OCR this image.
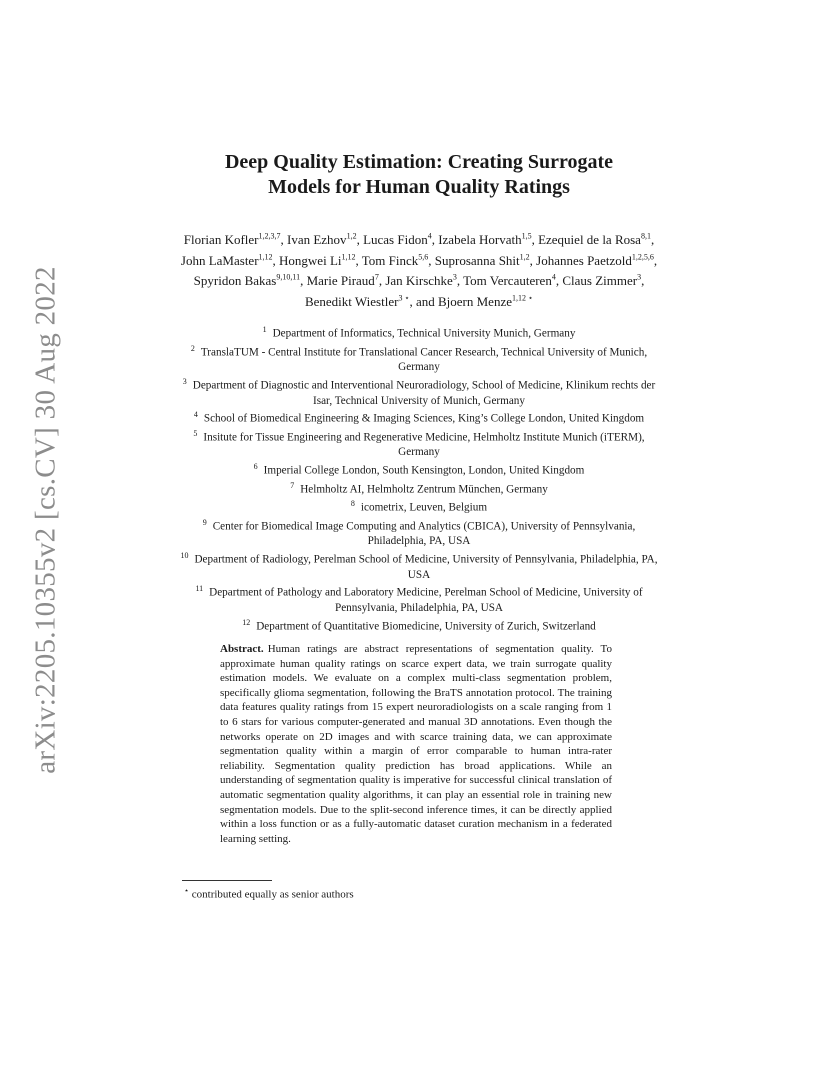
arXiv:2205.10355v2 [cs.CV] 30 Aug 2022
Deep Quality Estimation: Creating Surrogate
Models for Human Quality Ratings
Florian Kofler$^{1,2,3,7}$, Ivan Ezhov$^{1,2}$, Lucas Fidon$^4$, Izabela Horvath$^{1,5}$, Ezequiel de la Rosa$^{8,1}$, John LaMaster$^{1,12}$, Hongwei Li$^{1,12}$, Tom Finck$^{5,6}$, Suprosanna Shit$^{1,2}$, Johannes Paetzold$^{1,2,5,6}$, Spyridon Bakas$^{9,10,11}$, Marie Piraud$^7$, Jan Kirschke$^3$, Tom Vercauteren$^4$, Claus Zimmer$^3$, Benedikt Wiestler$^{3 ⋆}$, and Bjoern Menze$^{1,12 ⋆}$
$^1$ Department of Informatics, Technical University Munich, Germany
$^2$ TranslaTUM - Central Institute for Translational Cancer Research, Technical University of Munich, Germany
$^3$ Department of Diagnostic and Interventional Neuroradiology, School of Medicine, Klinikum rechts der Isar, Technical University of Munich, Germany
$^4$ School of Biomedical Engineering & Imaging Sciences, King’s College London, United Kingdom
$^5$ Insitute for Tissue Engineering and Regenerative Medicine, Helmholtz Institute Munich (iTERM), Germany
$^6$ Imperial College London, South Kensington, London, United Kingdom
$^7$ Helmholtz AI, Helmholtz Zentrum München, Germany
$^8$ icometrix, Leuven, Belgium
$^9$ Center for Biomedical Image Computing and Analytics (CBICA), University of Pennsylvania, Philadelphia, PA, USA
$^{10}$ Department of Radiology, Perelman School of Medicine, University of Pennsylvania, Philadelphia, PA, USA
$^{11}$ Department of Pathology and Laboratory Medicine, Perelman School of Medicine, University of Pennsylvania, Philadelphia, PA, USA
$^{12}$ Department of Quantitative Biomedicine, University of Zurich, Switzerland
Abstract. Human ratings are abstract representations of segmentation quality. To approximate human quality ratings on scarce expert data, we train surrogate quality estimation models. We evaluate on a complex multi-class segmentation problem, specifically glioma segmentation, following the BraTS annotation protocol. The training data features quality ratings from 15 expert neuroradiologists on a scale ranging from 1 to 6 stars for various computer-generated and manual 3D annotations. Even though the networks operate on 2D images and with scarce training data, we can approximate segmentation quality within a margin of error comparable to human intra-rater reliability. Segmentation quality prediction has broad applications. While an understanding of segmentation quality is imperative for successful clinical translation of automatic segmentation quality algorithms, it can play an essential role in training new segmentation models. Due to the split-second inference times, it can be directly applied within a loss function or as a fully-automatic dataset curation mechanism in a federated learning setting.
⋆ contributed equally as senior authors
